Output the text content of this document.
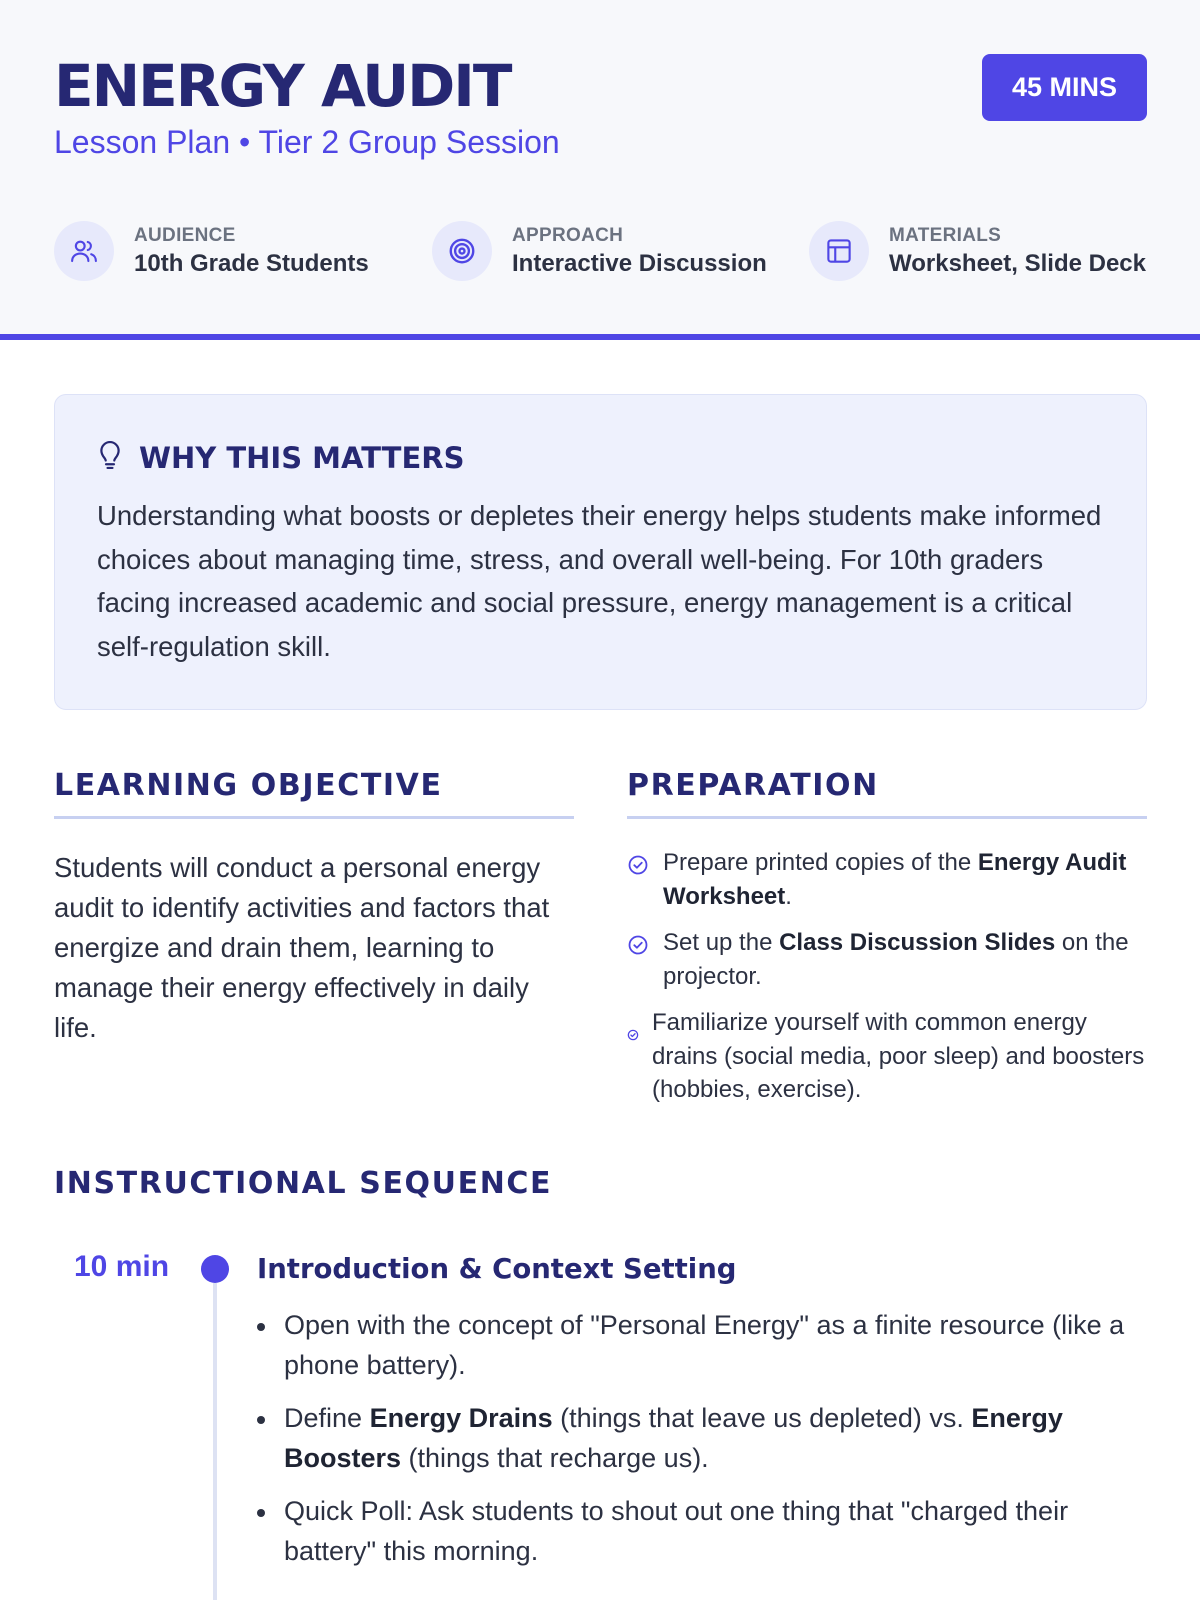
ENERGY AUDIT
Lesson Plan • Tier 2 Group Session
45 MINS
AUDIENCE
10th Grade Students
APPROACH
Interactive Discussion
MATERIALS
Worksheet, Slide Deck
WHY THIS MATTERS

Understanding what boosts or depletes their energy helps students make informed choices about managing time, stress, and overall well-being. For 10th graders facing increased academic and social pressure, energy management is a critical self-regulation skill.

LEARNING OBJECTIVE

Students will conduct a personal energy audit to identify activities and factors that energize and drain them, learning to manage their energy effectively in daily life.

PREPARATION
Prepare printed copies of the Energy Audit Worksheet.
Set up the Class Discussion Slides on the projector.
Familiarize yourself with common energy drains (social media, poor sleep) and boosters (hobbies, exercise).
INSTRUCTIONAL SEQUENCE
10 min	Introduction & Context Setting
Open with the concept of "Personal Energy" as a finite resource (like a phone battery).
Define Energy Drains (things that leave us depleted) vs. Energy Boosters (things that recharge us).
Quick Poll: Ask students to shout out one thing that "charged their battery" this morning.
